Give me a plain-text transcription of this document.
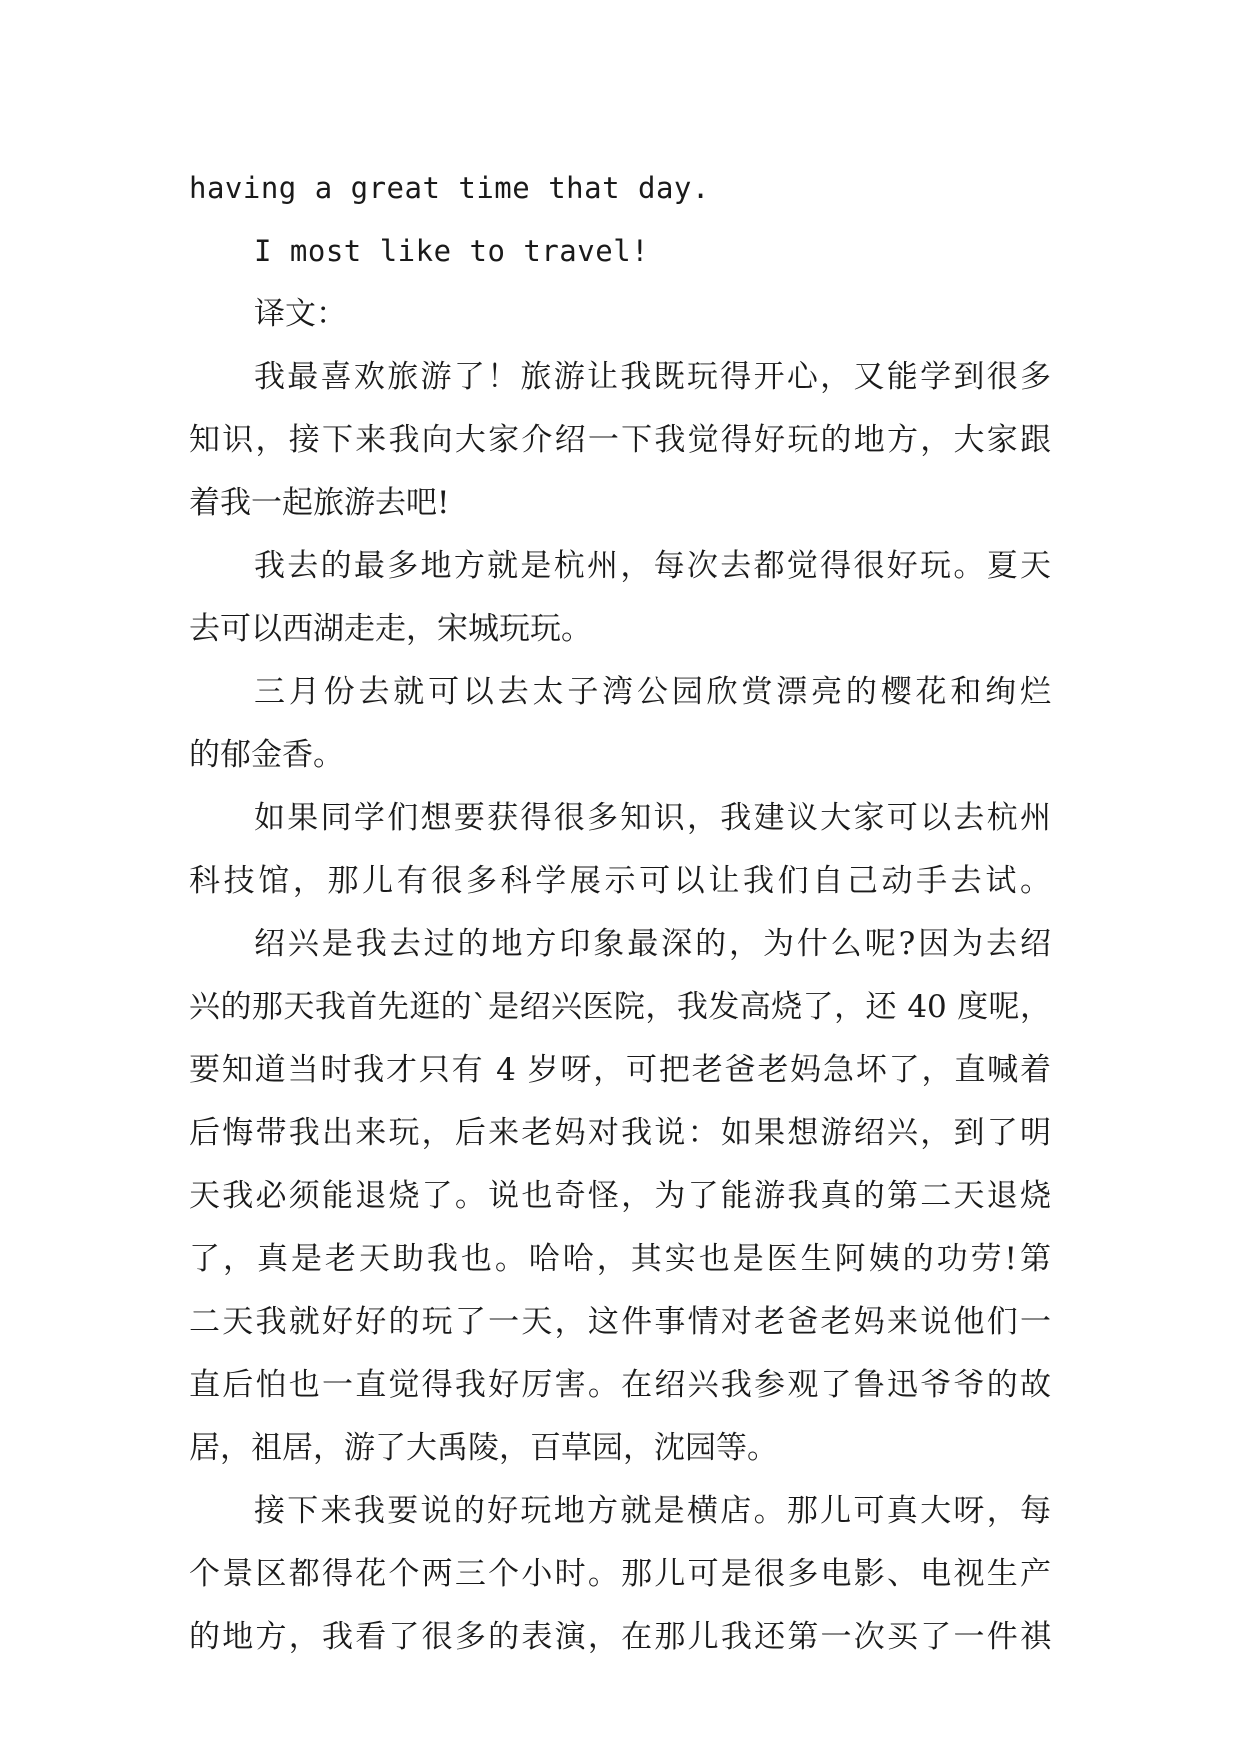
having a great time that day.
I most like to travel!
译文：
我最喜欢旅游了！旅游让我既玩得开心，又能学到很多
知识，接下来我向大家介绍一下我觉得好玩的地方，大家跟
着我一起旅游去吧!
我去的最多地方就是杭州，每次去都觉得很好玩。夏天
去可以西湖走走，宋城玩玩。
三月份去就可以去太子湾公园欣赏漂亮的樱花和绚烂
的郁金香。
如果同学们想要获得很多知识，我建议大家可以去杭州
科技馆，那儿有很多科学展示可以让我们自己动手去试。
绍兴是我去过的地方印象最深的，为什么呢?因为去绍
兴的那天我首先逛的`是绍兴医院，我发高烧了，还 40 度呢，
要知道当时我才只有 4 岁呀，可把老爸老妈急坏了，直喊着
后悔带我出来玩，后来老妈对我说：如果想游绍兴，到了明
天我必须能退烧了。说也奇怪，为了能游我真的第二天退烧
了，真是老天助我也。哈哈，其实也是医生阿姨的功劳!第
二天我就好好的玩了一天，这件事情对老爸老妈来说他们一
直后怕也一直觉得我好厉害。在绍兴我参观了鲁迅爷爷的故
居，祖居，游了大禹陵，百草园，沈园等。
接下来我要说的好玩地方就是横店。那儿可真大呀，每
个景区都得花个两三个小时。那儿可是很多电影、电视生产
的地方，我看了很多的表演，在那儿我还第一次买了一件祺
